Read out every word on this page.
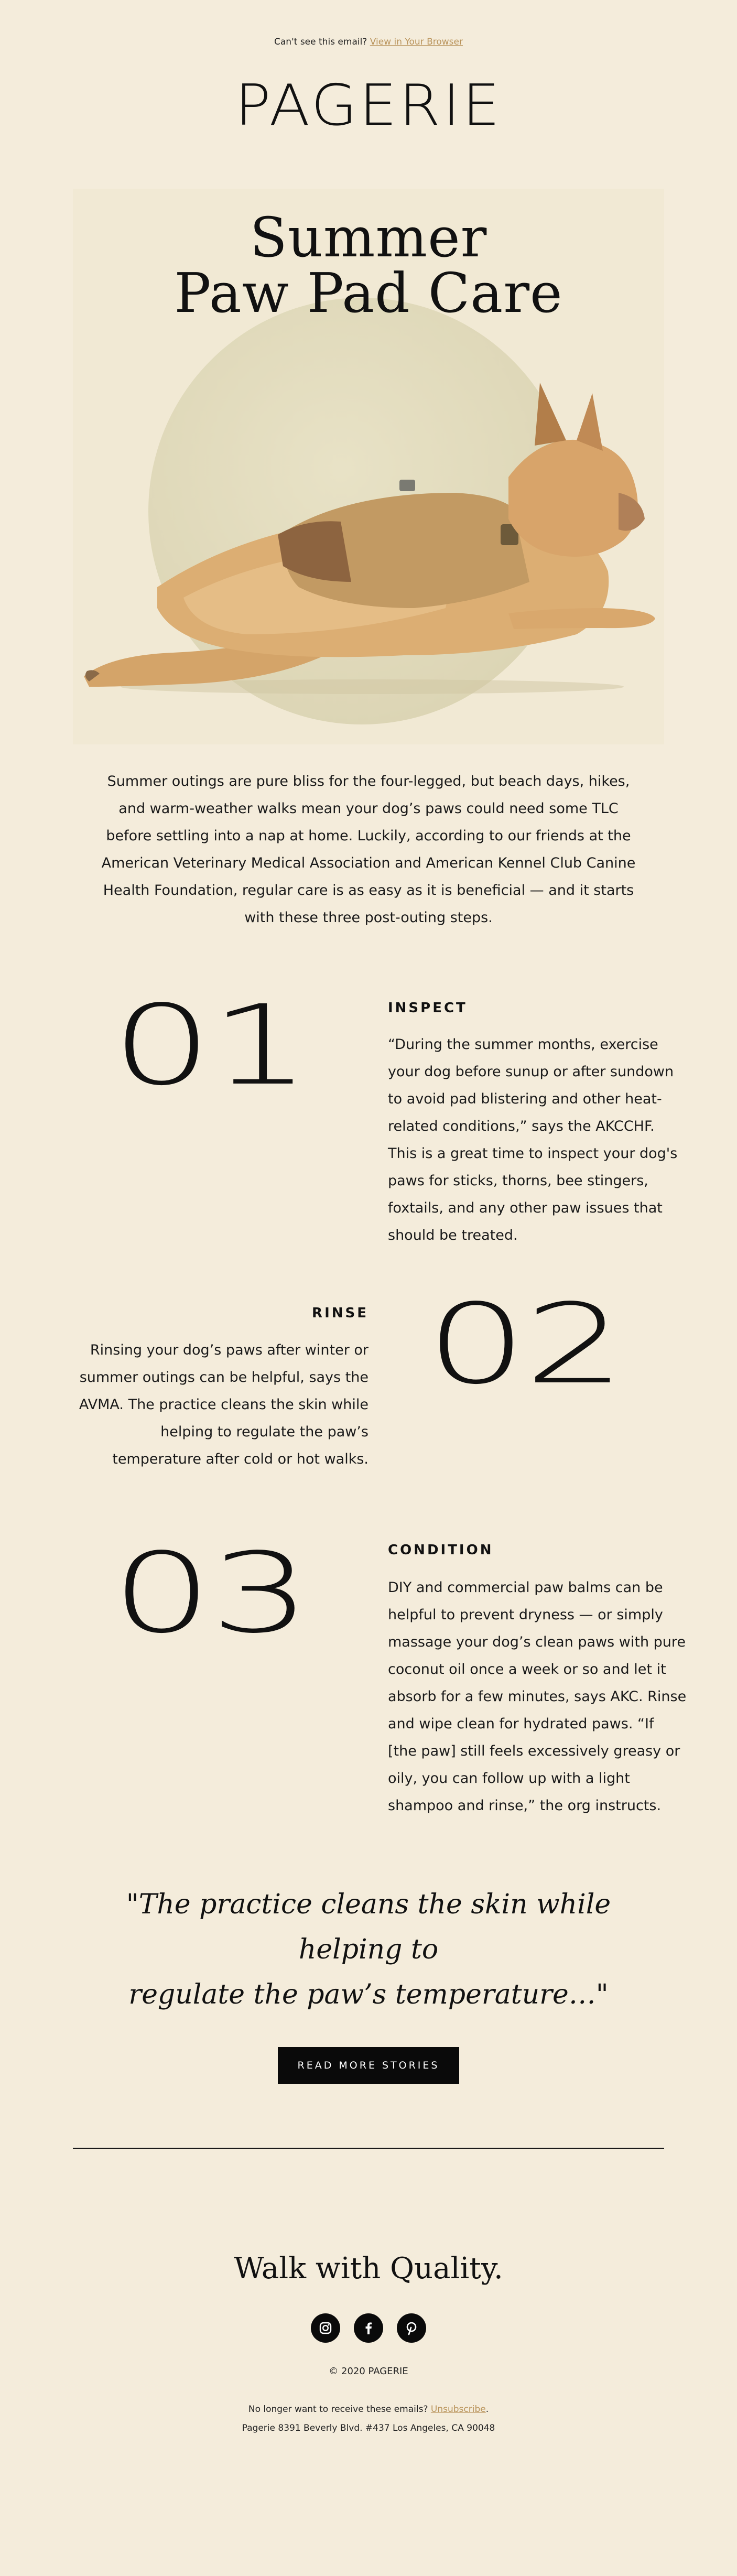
Can't see this email? View in Your Browser
PAGERIE
Summer
Paw Pad Care
Summer outings are pure bliss for the four-legged, but beach days, hikes, and warm-weather walks mean your dog’s paws could need some TLC before settling into a nap at home. Luckily, according to our friends at the American Veterinary Medical Association and American Kennel Club Canine Health Foundation, regular care is as easy as it is beneficial — and it starts with these three post-outing steps.
01	INSPECT
“During the summer months, exercise your dog before sunup or after sundown to avoid pad blistering and other heat-related conditions,” says the AKCCHF. This is a great time to inspect your dog's paws for sticks, thorns, bee stingers, foxtails, and any other paw issues that should be treated.
RINSE
Rinsing your dog’s paws after winter or summer outings can be helpful, says the AVMA. The practice cleans the skin while helping to regulate the paw’s temperature after cold or hot walks.
02
03	CONDITION
DIY and commercial paw balms can be helpful to prevent dryness — or simply massage your dog’s clean paws with pure coconut oil once a week or so and let it absorb for a few minutes, says AKC. Rinse and wipe clean for hydrated paws. “If [the paw] still feels excessively greasy or oily, you can follow up with a light shampoo and rinse,” the org instructs.
"The practice cleans the skin while helping to
regulate the paw’s temperature…"
READ MORE STORIES
Walk with Quality.
© 2020 PAGERIE
No longer want to receive these emails? Unsubscribe.
Pagerie 8391 Beverly Blvd. #437 Los Angeles, CA 90048
